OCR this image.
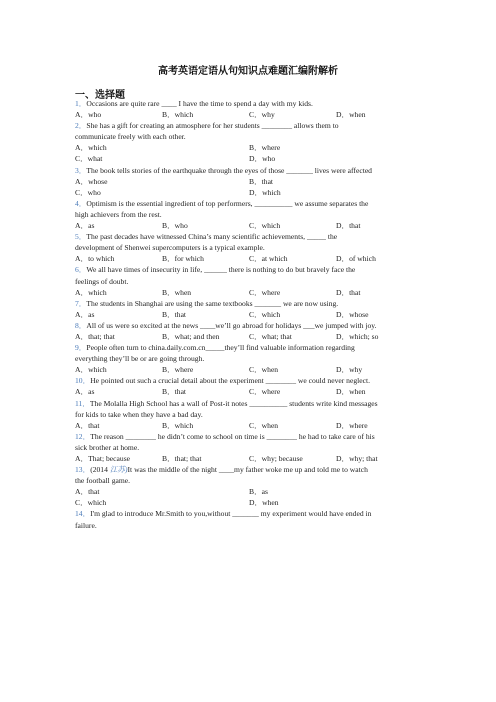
高考英语定语从句知识点难题汇编附解析
一、选择题
1．Occasions are quite rare ____ I have the time to spend a day with my kids.
A．who	B．which	C．why	D．when
2．She has a gift for creating an atmosphere for her students ________ allows them to
communicate freely with each other.
A．which	B．where
C．what	D．who
3．The book tells stories of the earthquake through the eyes of those _______ lives were affected
A．whose	B．that
C．who	D．which
4．Optimism is the essential ingredient of top performers, __________ we assume separates the
high achievers from the rest.
A．as	B．who	C．which	D．that
5．The past decades have witnessed China’s many scientific achievements, _____ the
development of Shenwei supercomputers is a typical example.
A．to which	B．for which	C．at which	D．of which
6．We all have times of insecurity in life, ______ there is nothing to do but bravely face the
feelings of doubt.
A．which	B．when	C．where	D．that
7．The students in Shanghai are using the same textbooks _______ we are now using.
A．as	B．that	C．which	D．whose
8．All of us were so excited at the news ____we’ll go abroad for holidays ___we jumped with joy.
A．that; that	B．what; and then	C．what; that	D．which; so
9．People often turn to china.daily.com.cn_____they’ll find valuable information regarding
everything they’ll be or are going through.
A．which	B．where	C．when	D．why
10．He pointed out such a crucial detail about the experiment ________ we could never neglect.
A．as	B．that	C．where	D．when
11．The Molalla High School has a wall of Post-it notes __________ students write kind messages
for kids to take when they have a bad day.
A．that	B．which	C．when	D．where
12．The reason ________ he didn’t come to school on time is ________ he had to take care of his
sick brother at home.
A．That; because	B．that; that	C．why; because	D．why; that
13．(2014 江苏)It was the middle of the night ____my father woke me up and told me to watch
the football game.
A．that	B．as
C．which	D．when
14．I'm glad to introduce Mr.Smith to you,without _______ my experiment would have ended in
failure.
